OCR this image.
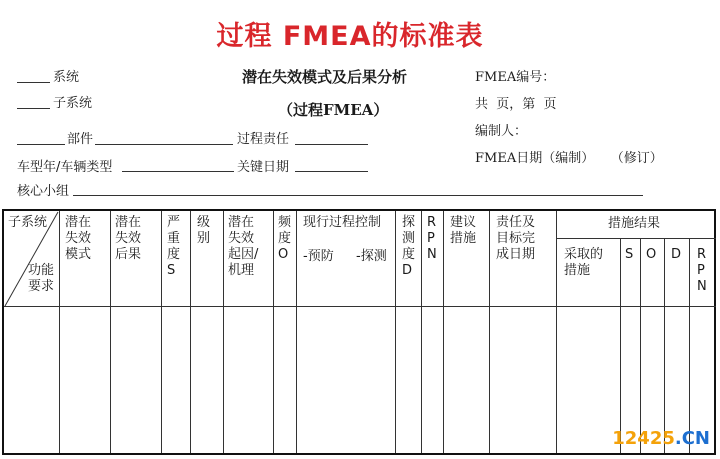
过程 FMEA的标准表
系统
子系统
部件
车型年/车辆类型
核心小组
潜在失效模式及后果分析
（过程FMEA）
过程责任
关键日期
FMEA编号：
共  页，第  页
编制人：
FMEA日期（编制）    （修订）
子系统
功能
要求
潜在
失效
模式
潜在
失效
后果
严
重
度
S
级
别
潜在
失效
起因/
机理
频
度
O
现行过程控制
-预防 -探测
探
测
度
D
R
P
N
建议
措施
责任及
目标完
成日期
措施结果
采取的
措施
S O D R
P
N
12425.CN
